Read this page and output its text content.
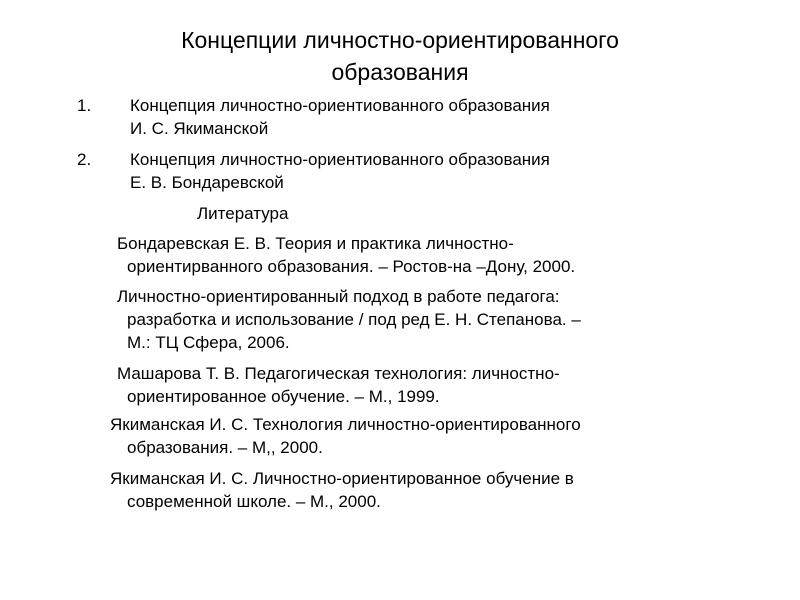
Концепции личностно-ориентированного
образования
1. Концепция личностно-ориентиованного образования
И. С. Якиманской
2. Концепция личностно-ориентиованного образования
Е. В. Бондаревской
Литература
Бондаревская Е. В. Теория и практика личностно-
ориентирванного образования. – Ростов-на –Дону, 2000.
Личностно-ориентированный подход в работе педагога:
разработка и использование / под ред Е. Н. Степанова. –
М.: ТЦ Сфера, 2006.
Машарова Т. В. Педагогическая технология: личностно-
ориентированное обучение. – М., 1999.
Якиманская И. С. Технология личностно-ориентированного
образования. – М,, 2000.
Якиманская И. С. Личностно-ориентированное обучение в
современной школе. – М., 2000.
